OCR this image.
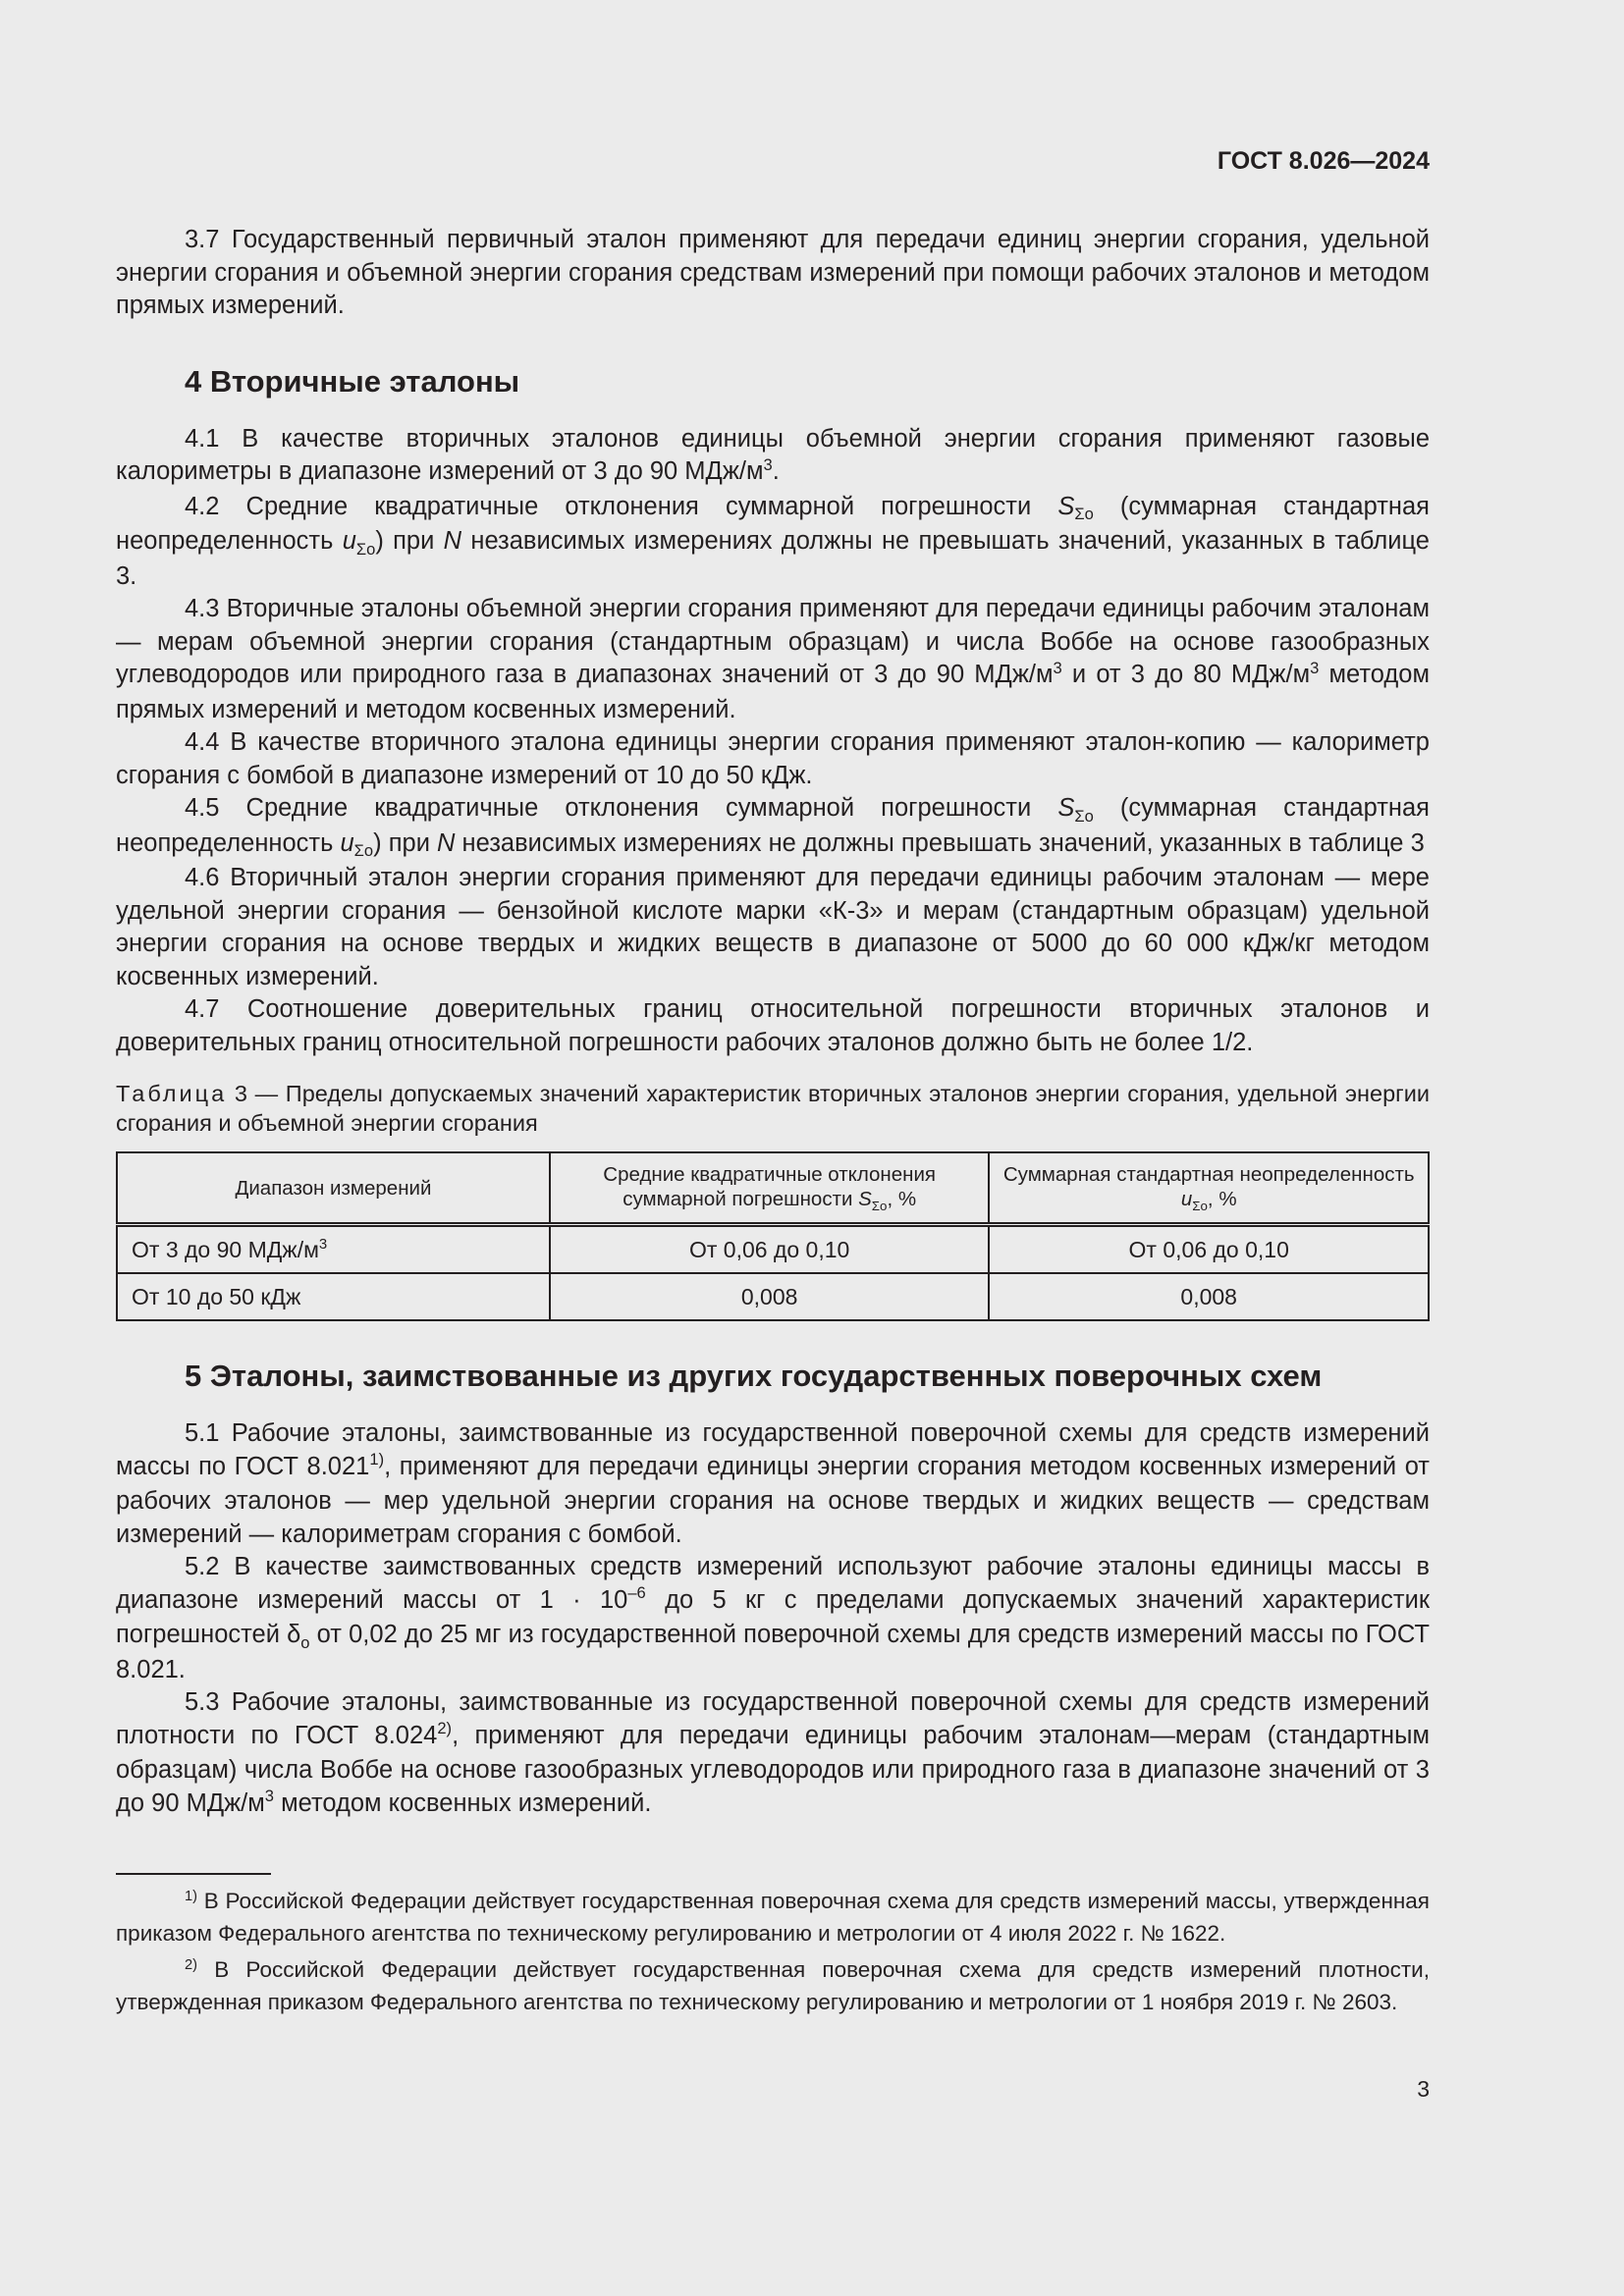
ГОСТ 8.026—2024

3.7 Государственный первичный эталон применяют для передачи единиц энергии сгорания, удельной энергии сгорания и объемной энергии сгорания средствам измерений при помощи рабочих эталонов и методом прямых измерений.

4 Вторичные эталоны

4.1 В качестве вторичных эталонов единицы объемной энергии сгорания применяют газовые калориметры в диапазоне измерений от 3 до 90 МДж/$м^3$.

4.2 Средние квадратичные отклонения суммарной погрешности $S_{\Sigma о}$ (суммарная стандартная неопределенность $u_{\Sigma о}$) при N независимых измерениях должны не превышать значений, указанных в таблице 3.

4.3 Вторичные эталоны объемной энергии сгорания применяют для передачи единицы рабочим эталонам — мерам объемной энергии сгорания (стандартным образцам) и числа Воббе на основе газообразных углеводородов или природного газа в диапазонах значений от 3 до 90 МДж/$м^3$ и от 3 до 80 МДж/$м^3$ методом прямых измерений и методом косвенных измерений.

4.4 В качестве вторичного эталона единицы энергии сгорания применяют эталон-копию — калориметр сгорания с бомбой в диапазоне измерений от 10 до 50 кДж.

4.5 Средние квадратичные отклонения суммарной погрешности $S_{\Sigma о}$ (суммарная стандартная неопределенность $u_{\Sigma о}$) при N независимых измерениях не должны превышать значений, указанных в таблице 3

4.6 Вторичный эталон энергии сгорания применяют для передачи единицы рабочим эталонам — мере удельной энергии сгорания — бензойной кислоте марки «К-3» и мерам (стандартным образцам) удельной энергии сгорания на основе твердых и жидких веществ в диапазоне от 5000 до 60 000 кДж/кг методом косвенных измерений.

4.7 Соотношение доверительных границ относительной погрешности вторичных эталонов и доверительных границ относительной погрешности рабочих эталонов должно быть не более 1/2.

Таблица 3 — Пределы допускаемых значений характеристик вторичных эталонов энергии сгорания, удельной энергии сгорания и объемной энергии сгорания

Диапазон измерений	Средние квадратичные отклонения суммарной погрешности $S_{\Sigma о}$, %	Суммарная стандартная неопределенность $u_{\Sigma о}$, %
От 3 до 90 МДж/$м^3$	От 0,06 до 0,10	От 0,06 до 0,10
От 10 до 50 кДж	0,008	0,008
5 Эталоны, заимствованные из других государственных поверочных схем

5.1 Рабочие эталоны, заимствованные из государственной поверочной схемы для средств измерений массы по ГОСТ 8.021$^{1)}$, применяют для передачи единицы энергии сгорания методом косвенных измерений от рабочих эталонов — мер удельной энергии сгорания на основе твердых и жидких веществ — средствам измерений — калориметрам сгорания с бомбой.

5.2 В качестве заимствованных средств измерений используют рабочие эталоны единицы массы в диапазоне измерений массы от $1 \cdot 10^{-6}$ до 5 кг с пределами допускаемых значений характеристик погрешностей $\delta_о$ от 0,02 до 25 мг из государственной поверочной схемы для средств измерений массы по ГОСТ 8.021.

5.3 Рабочие эталоны, заимствованные из государственной поверочной схемы для средств измерений плотности по ГОСТ 8.024$^{2)}$, применяют для передачи единицы рабочим эталонам—мерам (стандартным образцам) числа Воббе на основе газообразных углеводородов или природного газа в диапазоне значений от 3 до 90 МДж/$м^3$ методом косвенных измерений.

$^{1)}$ В Российской Федерации действует государственная поверочная схема для средств измерений массы, утвержденная приказом Федерального агентства по техническому регулированию и метрологии от 4 июля 2022 г. № 1622.

$^{2)}$ В Российской Федерации действует государственная поверочная схема для средств измерений плотности, утвержденная приказом Федерального агентства по техническому регулированию и метрологии от 1 ноября 2019 г. № 2603.

3
